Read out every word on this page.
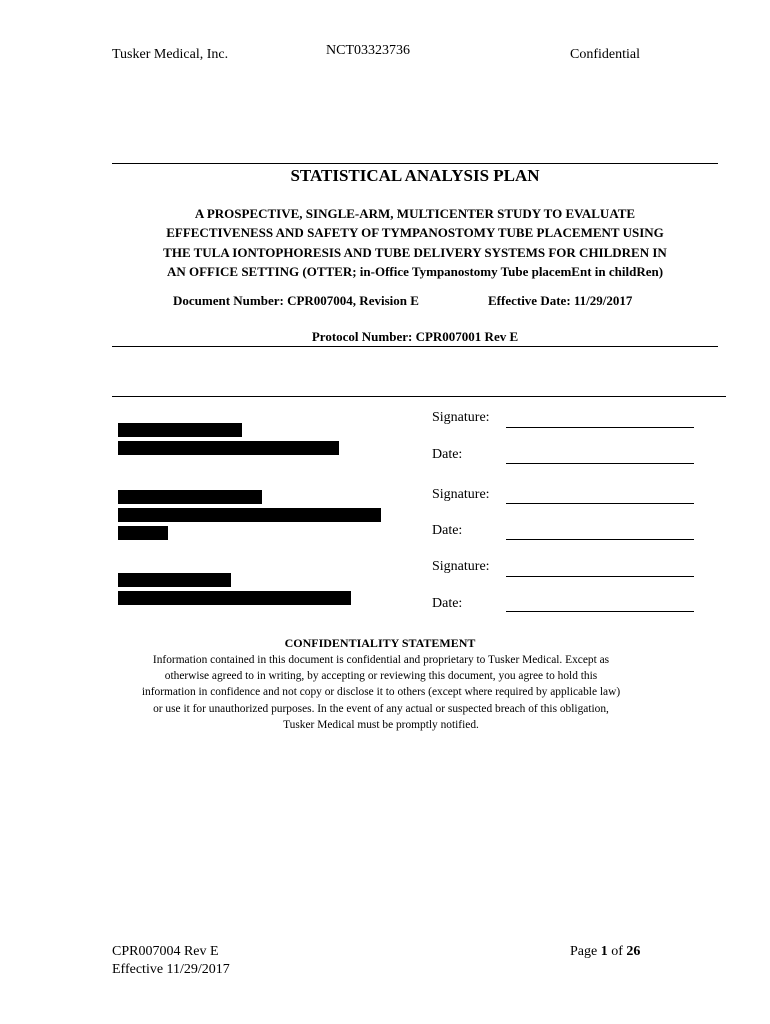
Tusker Medical, Inc.	NCT03323736	Confidential
STATISTICAL ANALYSIS PLAN
A PROSPECTIVE, SINGLE-ARM, MULTICENTER STUDY TO EVALUATE
EFFECTIVENESS AND SAFETY OF TYMPANOSTOMY TUBE PLACEMENT USING
THE TULA IONTOPHORESIS AND TUBE DELIVERY SYSTEMS FOR CHILDREN IN
AN OFFICE SETTING (OTTER; in-Office Tympanostomy Tube placemEnt in childRen)
Document Number: CPR007004, Revision E	Effective Date: 11/29/2017
Protocol Number: CPR007001 Rev E
Signature:
Date:
Signature:
Date:
Signature:
Date:
CONFIDENTIALITY STATEMENT
Information contained in this document is confidential and proprietary to Tusker Medical. Except as
otherwise agreed to in writing, by accepting or reviewing this document, you agree to hold this
information in confidence and not copy or disclose it to others (except where required by applicable law)
or use it for unauthorized purposes. In the event of any actual or suspected breach of this obligation,
Tusker Medical must be promptly notified.
CPR007004 Rev E
Effective 11/29/2017
Page 1 of 26
